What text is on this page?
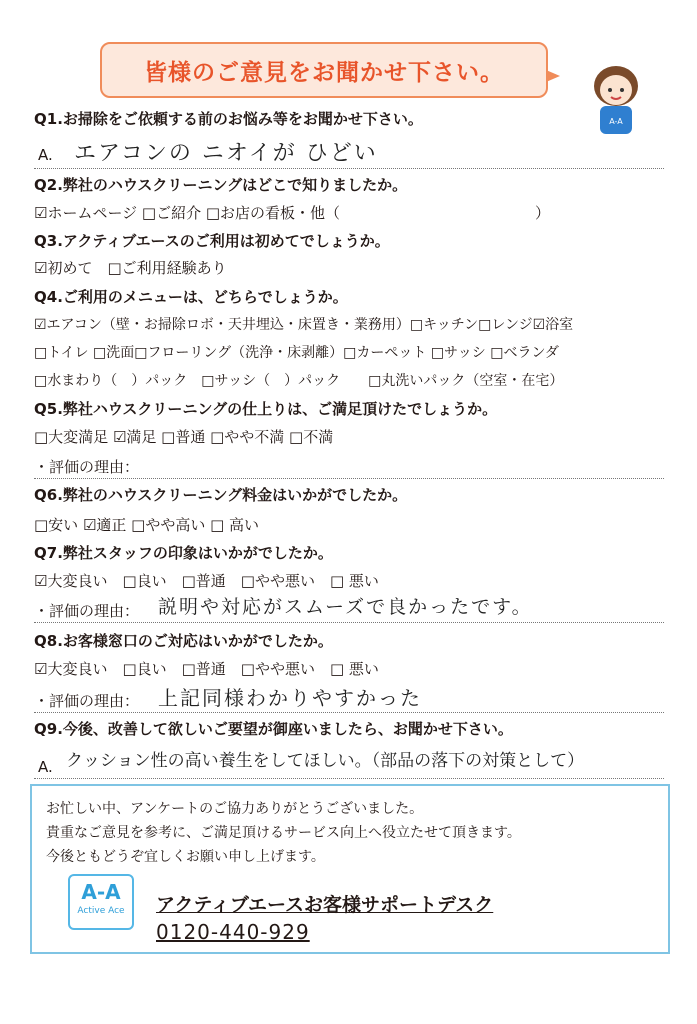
皆様のご意見をお聞かせ下さい。
A-A
Q1.お掃除をご依頼する前のお悩み等をお聞かせ下さい。
A. エアコンの ニオイが ひどい
Q2.弊社のハウスクリーニングはどこで知りましたか。
☑ホームページ □ご紹介 □お店の看板・他（　　　　　　　　　　　　　）
Q3.アクティブエースのご利用は初めてでしょうか。
☑初めて　□ご利用経験あり
Q4.ご利用のメニューは、どちらでしょうか。
☑エアコン（壁・お掃除ロボ・天井埋込・床置き・業務用）□キッチン□レンジ☑浴室
□トイレ □洗面□フローリング（洗浄・床剥離）□カーペット □サッシ □ベランダ
□水まわり（　）パック　□サッシ（　）パック　　□丸洗いパック（空室・在宅）
Q5.弊社ハウスクリーニングの仕上りは、ご満足頂けたでしょうか。
□大変満足 ☑満足 □普通 □やや不満 □不満
・評価の理由：
Q6.弊社のハウスクリーニング料金はいかがでしたか。
□安い ☑適正 □やや高い □ 高い
Q7.弊社スタッフの印象はいかがでしたか。
☑大変良い　□良い　□普通　□やや悪い　□ 悪い
・評価の理由： 説明や対応がスムーズで良かったです。
Q8.お客様窓口のご対応はいかがでしたか。
☑大変良い　□良い　□普通　□やや悪い　□ 悪い
・評価の理由： 上記同様わかりやすかった
Q9.今後、改善して欲しいご要望が御座いましたら、お聞かせ下さい。
A. クッション性の高い養生をしてほしい。（部品の落下の対策として）

お忙しい中、アンケートのご協力ありがとうございました。

貴重なご意見を参考に、ご満足頂けるサービス向上へ役立たせて頂きます。

今後ともどうぞ宜しくお願い申し上げます。

A-A
Active Ace	アクティブエースお客様サポートデスク
0120-440-929
